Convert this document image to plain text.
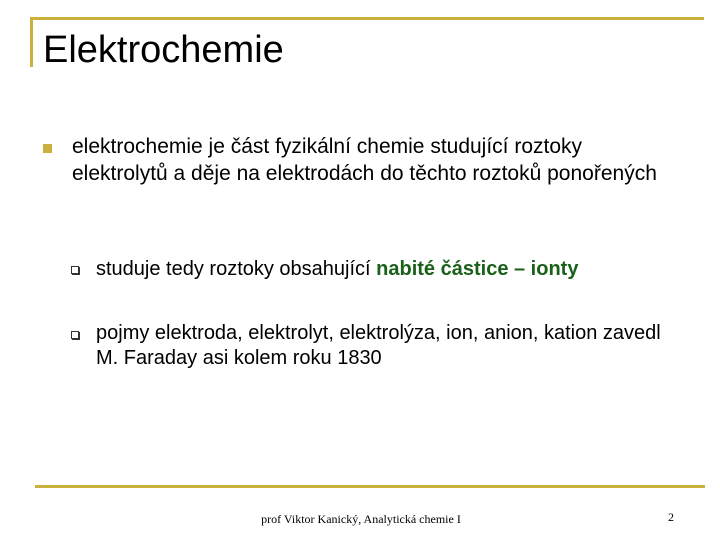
Elektrochemie
elektrochemie je část fyzikální chemie studující roztoky elektrolytů a děje na elektrodách do těchto roztoků ponořených
studuje tedy roztoky obsahující nabité částice – ionty
pojmy elektroda, elektrolyt, elektrolýza, ion, anion, kation zavedl M. Faraday asi kolem roku 1830
prof Viktor Kanický, Analytická chemie I	2
